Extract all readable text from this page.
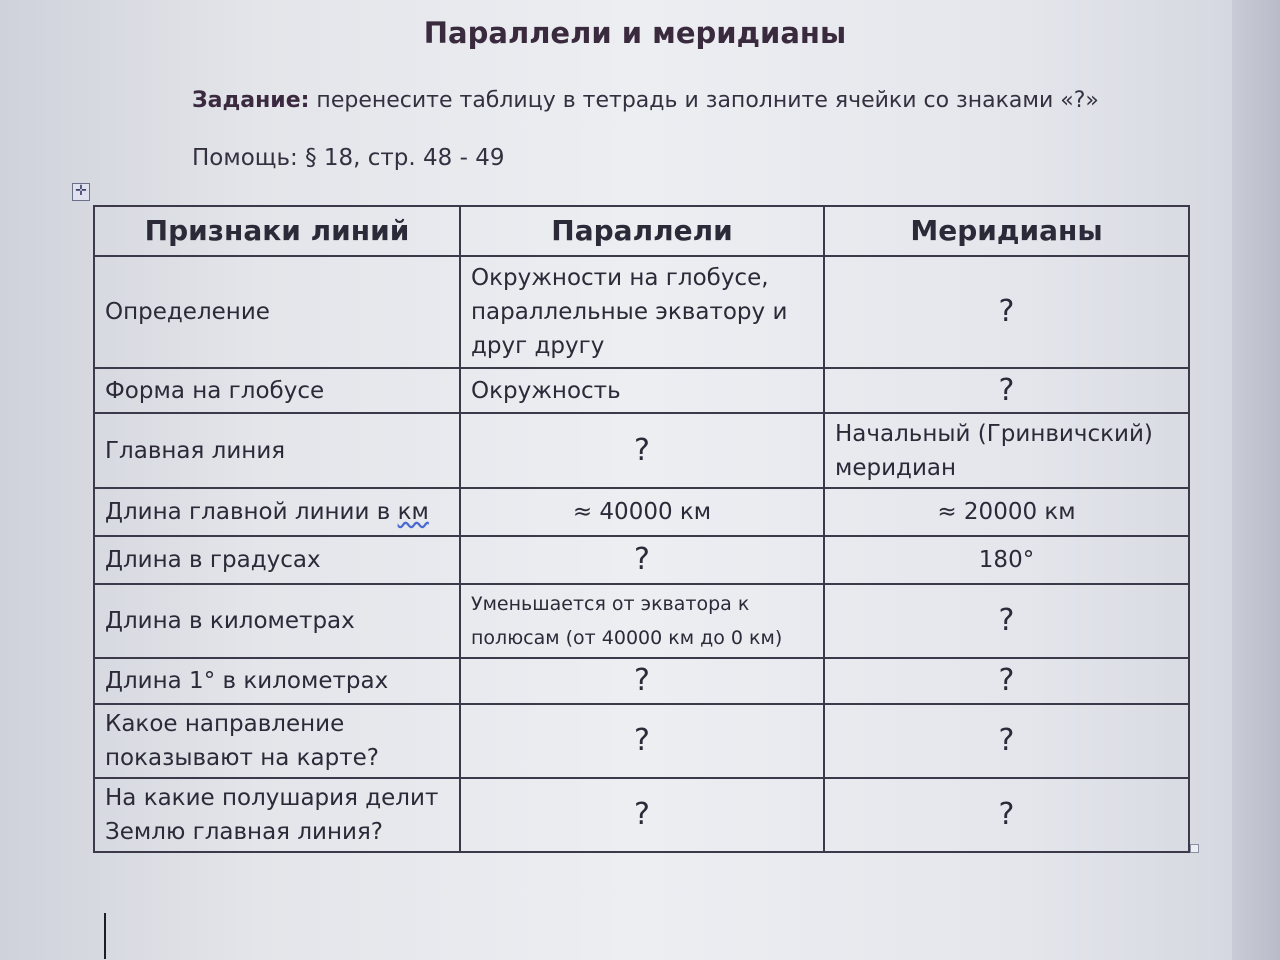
Параллели и меридианы
Задание: перенесите таблицу в тетрадь и заполните ячейки со знаками «?»
Помощь: § 18, стр. 48 - 49
✛
Признаки линий	Параллели	Меридианы
Определение	Окружности на глобусе, параллельные экватору и друг другу	?
Форма на глобусе	Окружность	?
Главная линия	?	Начальный (Гринвичский) меридиан
Длина главной линии в км	≈ 40000 км	≈ 20000 км
Длина в градусах	?	180°
Длина в километрах	Уменьшается от экватора к полюсам (от 40000 км до 0 км)	?
Длина 1° в километрах	?	?
Какое направление показывают на карте?	?	?
На какие полушария делит Землю главная линия?	?	?
